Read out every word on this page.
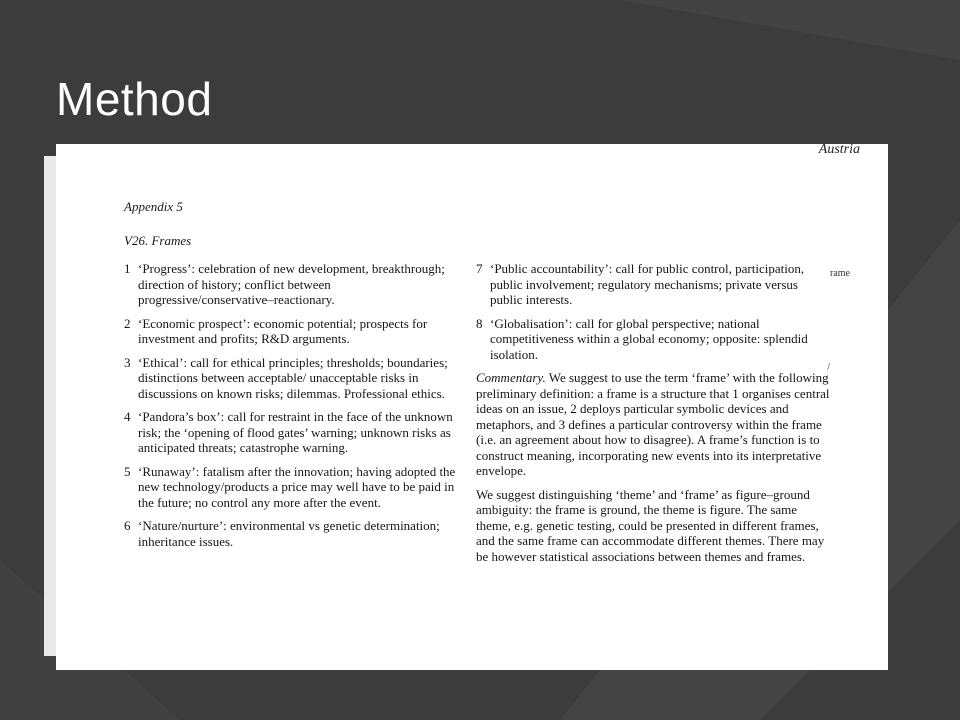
Method
Austria
rame
/
Appendix 5
V26. Frames
1 ‘Progress’: celebration of new development, breakthrough; direction of history; conflict between progressive/conservative–reactionary.
2 ‘Economic prospect’: economic potential; prospects for investment and profits; R&D arguments.
3 ‘Ethical’: call for ethical principles; thresholds; boundaries; distinctions between acceptable/ unacceptable risks in discussions on known risks; dilemmas. Professional ethics.
4 ‘Pandora’s box’: call for restraint in the face of the unknown risk; the ‘opening of flood gates’ warning; unknown risks as anticipated threats; catastrophe warning.
5 ‘Runaway’: fatalism after the innovation; having adopted the new technology/products a price may well have to be paid in the future; no control any more after the event.
6 ‘Nature/nurture’: environmental vs genetic determination; inheritance issues.
7 ‘Public accountability’: call for public control, participation, public involvement; regulatory mechanisms; private versus public interests.
8 ‘Globalisation’: call for global perspective; national competitiveness within a global economy; opposite: splendid isolation.
Commentary. We suggest to use the term ‘frame’ with the following preliminary definition: a frame is a structure that 1 organises central ideas on an issue, 2 deploys particular symbolic devices and metaphors, and 3 defines a particular controversy within the frame (i.e. an agreement about how to disagree). A frame’s function is to construct meaning, incorporating new events into its interpretative envelope.
We suggest distinguishing ‘theme’ and ‘frame’ as figure–ground ambiguity: the frame is ground, the theme is figure. The same theme, e.g. genetic testing, could be presented in different frames, and the same frame can accommodate different themes. There may be however statistical associations between themes and frames.
